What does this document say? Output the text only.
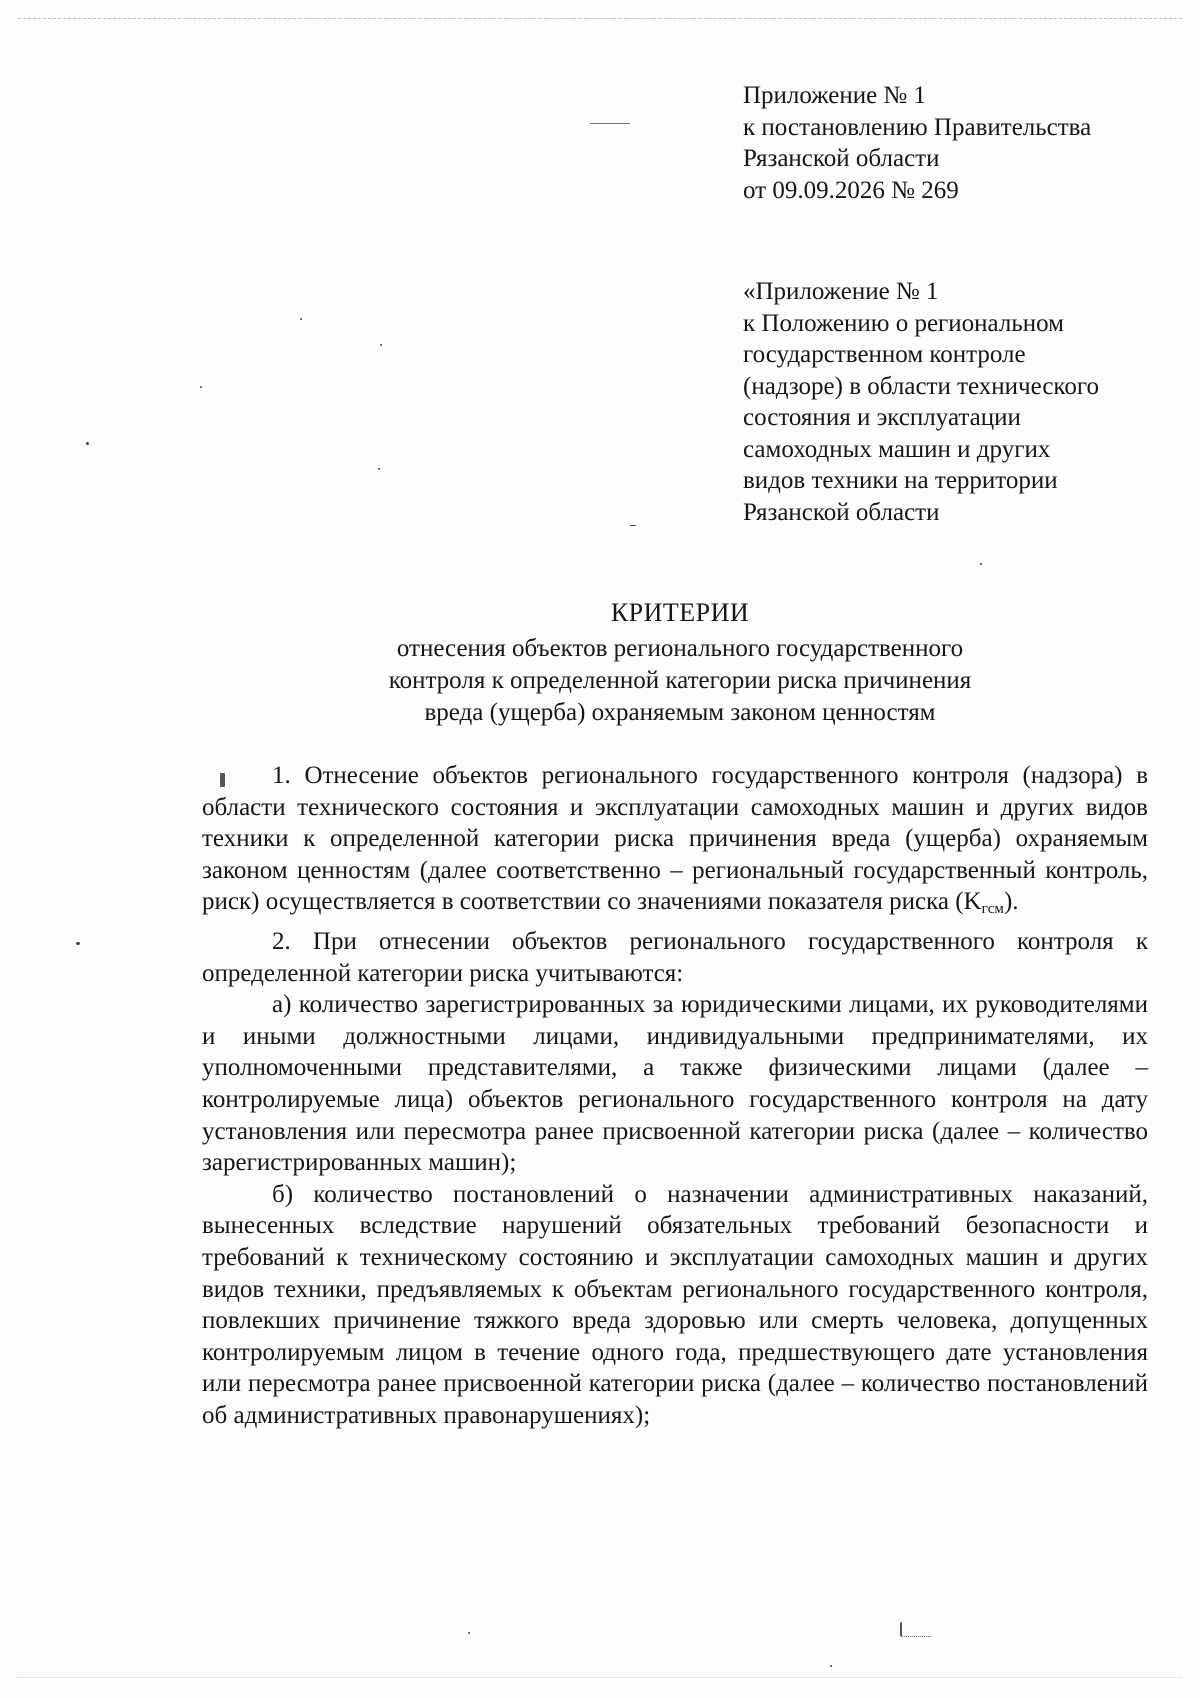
Приложение № 1
к постановлению Правительства
Рязанской области
от 09.09.2026 № 269
«Приложение № 1
к Положению о региональном
государственном контроле
(надзоре) в области технического
состояния и эксплуатации
самоходных машин и других
видов техники на территории
Рязанской области
КРИТЕРИИ
отнесения объектов регионального государственного
контроля к определенной категории риска причинения
вреда (ущерба) охраняемым законом ценностям

1. Отнесение объектов регионального государственного контроля (надзора) в области технического состояния и эксплуатации самоходных машин и других видов техники к определенной категории риска причинения вреда (ущерба) охраняемым законом ценностям (далее соответственно – региональный государственный контроль, риск) осуществляется в соответствии со значениями показателя риска $(K_{гсм})$.

2. При отнесении объектов регионального государственного контроля к определенной категории риска учитываются:

а) количество зарегистрированных за юридическими лицами, их руководителями и иными должностными лицами, индивидуальными предпринимателями, их уполномоченными представителями, а также физическими лицами (далее – контролируемые лица) объектов регионального государственного контроля на дату установления или пересмотра ранее присвоенной категории риска (далее – количество зарегистрированных машин);

б) количество постановлений о назначении административных наказаний, вынесенных вследствие нарушений обязательных требований безопасности и требований к техническому состоянию и эксплуатации самоходных машин и других видов техники, предъявляемых к объектам регионального государственного контроля, повлекших причинение тяжкого вреда здоровью или смерть человека, допущенных контролируемым лицом в течение одного года, предшествующего дате установления или пересмотра ранее присвоенной категории риска (далее – количество постановлений об административных правонарушениях);
